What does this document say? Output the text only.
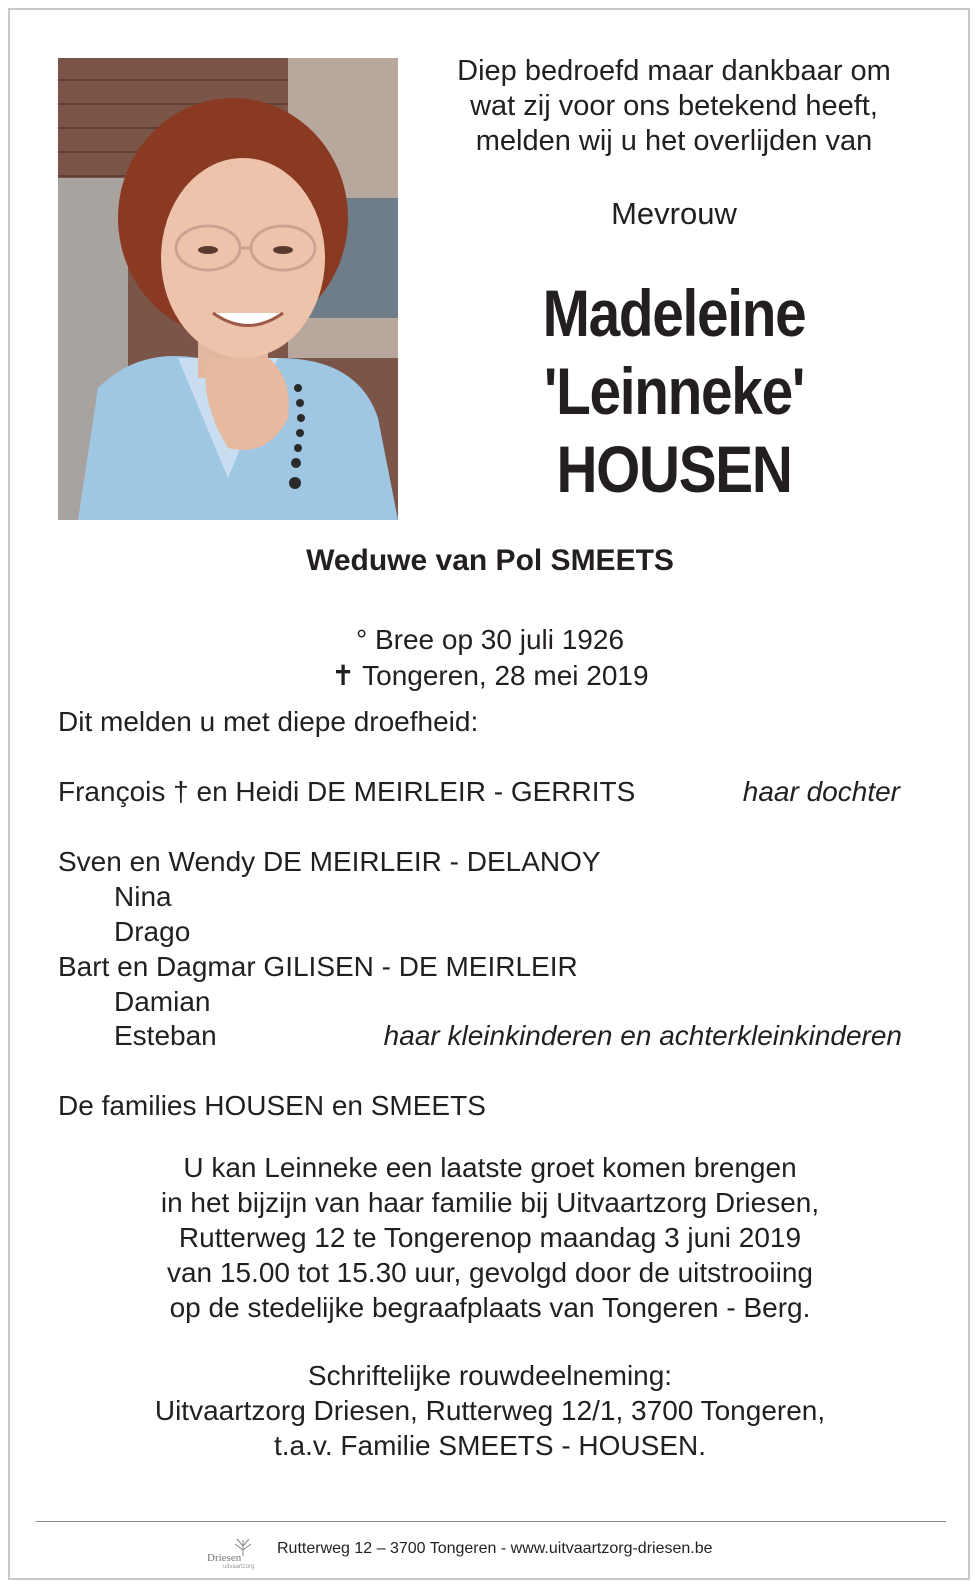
Diep bedroefd maar dankbaar om
wat zij voor ons betekend heeft,
melden wij u het overlijden van
Mevrouw
Madeleine
'Leinneke'
HOUSEN
Weduwe van Pol SMEETS
° Bree op 30 juli 1926
✝ Tongeren, 28 mei 2019
Dit melden u met diepe droefheid:
François † en Heidi DE MEIRLEIR - GERRITS	haar dochter
Sven en Wendy DE MEIRLEIR - DELANOY
Nina
Drago
Bart en Dagmar GILISEN - DE MEIRLEIR
Damian
Esteban	haar kleinkinderen en achterkleinkinderen
De families HOUSEN en SMEETS
U kan Leinneke een laatste groet komen brengen
in het bijzijn van haar familie bij Uitvaartzorg Driesen,
Rutterweg 12 te Tongerenop maandag 3 juni 2019
van 15.00 tot 15.30 uur, gevolgd door de uitstrooiing
op de stedelijke begraafplaats van Tongeren - Berg.
Schriftelijke rouwdeelneming:
Uitvaartzorg Driesen, Rutterweg 12/1, 3700 Tongeren,
t.a.v. Familie SMEETS - HOUSEN.
Driesen
uitvaartzorg
Rutterweg 12 – 3700 Tongeren - www.uitvaartzorg-driesen.be
